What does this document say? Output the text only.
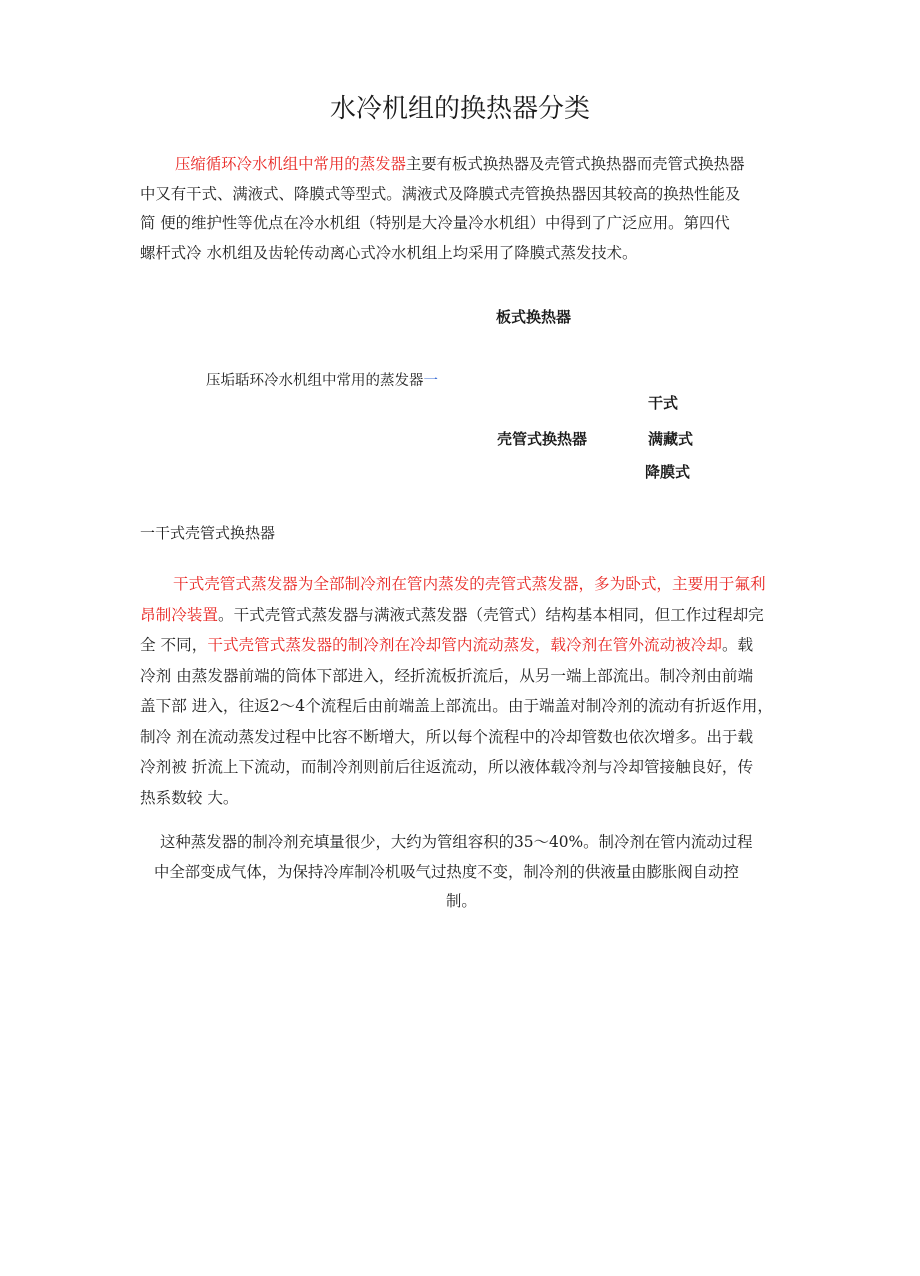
水冷机组的换热器分类
压缩循环冷水机组中常用的蒸发器主要有板式换热器及壳管式换热器而壳管式换热器
中又有干式、满液式、降膜式等型式。满液式及降膜式壳管换热器因其较高的换热性能及
简 便的维护性等优点在冷水机组（特别是大冷量冷水机组）中得到了广泛应用。第四代
螺杆式冷 水机组及齿轮传动离心式冷水机组上均采用了降膜式蒸发技术。
板式换热器
压垢聒环冷水机组中常用的蒸发器一
干式
壳管式换热器	满藏式
降膜式
一干式壳管式换热器
干式壳管式蒸发器为全部制冷剂在管内蒸发的壳管式蒸发器，多为卧式，主要用于氟利
昂制冷装置。干式壳管式蒸发器与满液式蒸发器（壳管式）结构基本相同，但工作过程却完
全 不同，干式壳管式蒸发器的制冷剂在冷却管内流动蒸发，载冷剂在管外流动被冷却。载
冷剂 由蒸发器前端的筒体下部进入，经折流板折流后，从另一端上部流出。制冷剂由前端
盖下部 进入，往返2～4个流程后由前端盖上部流出。由于端盖对制冷剂的流动有折返作用，
制冷 剂在流动蒸发过程中比容不断增大，所以每个流程中的冷却管数也依次增多。出于载
冷剂被 折流上下流动，而制冷剂则前后往返流动，所以液体载冷剂与冷却管接触良好，传
热系数较 大。
这种蒸发器的制冷剂充填量很少，大约为管组容积的35～40%。制冷剂在管内流动过程
中全部变成气体，为保持冷库制冷机吸气过热度不变，制冷剂的供液量由膨胀阀自动控
制。
